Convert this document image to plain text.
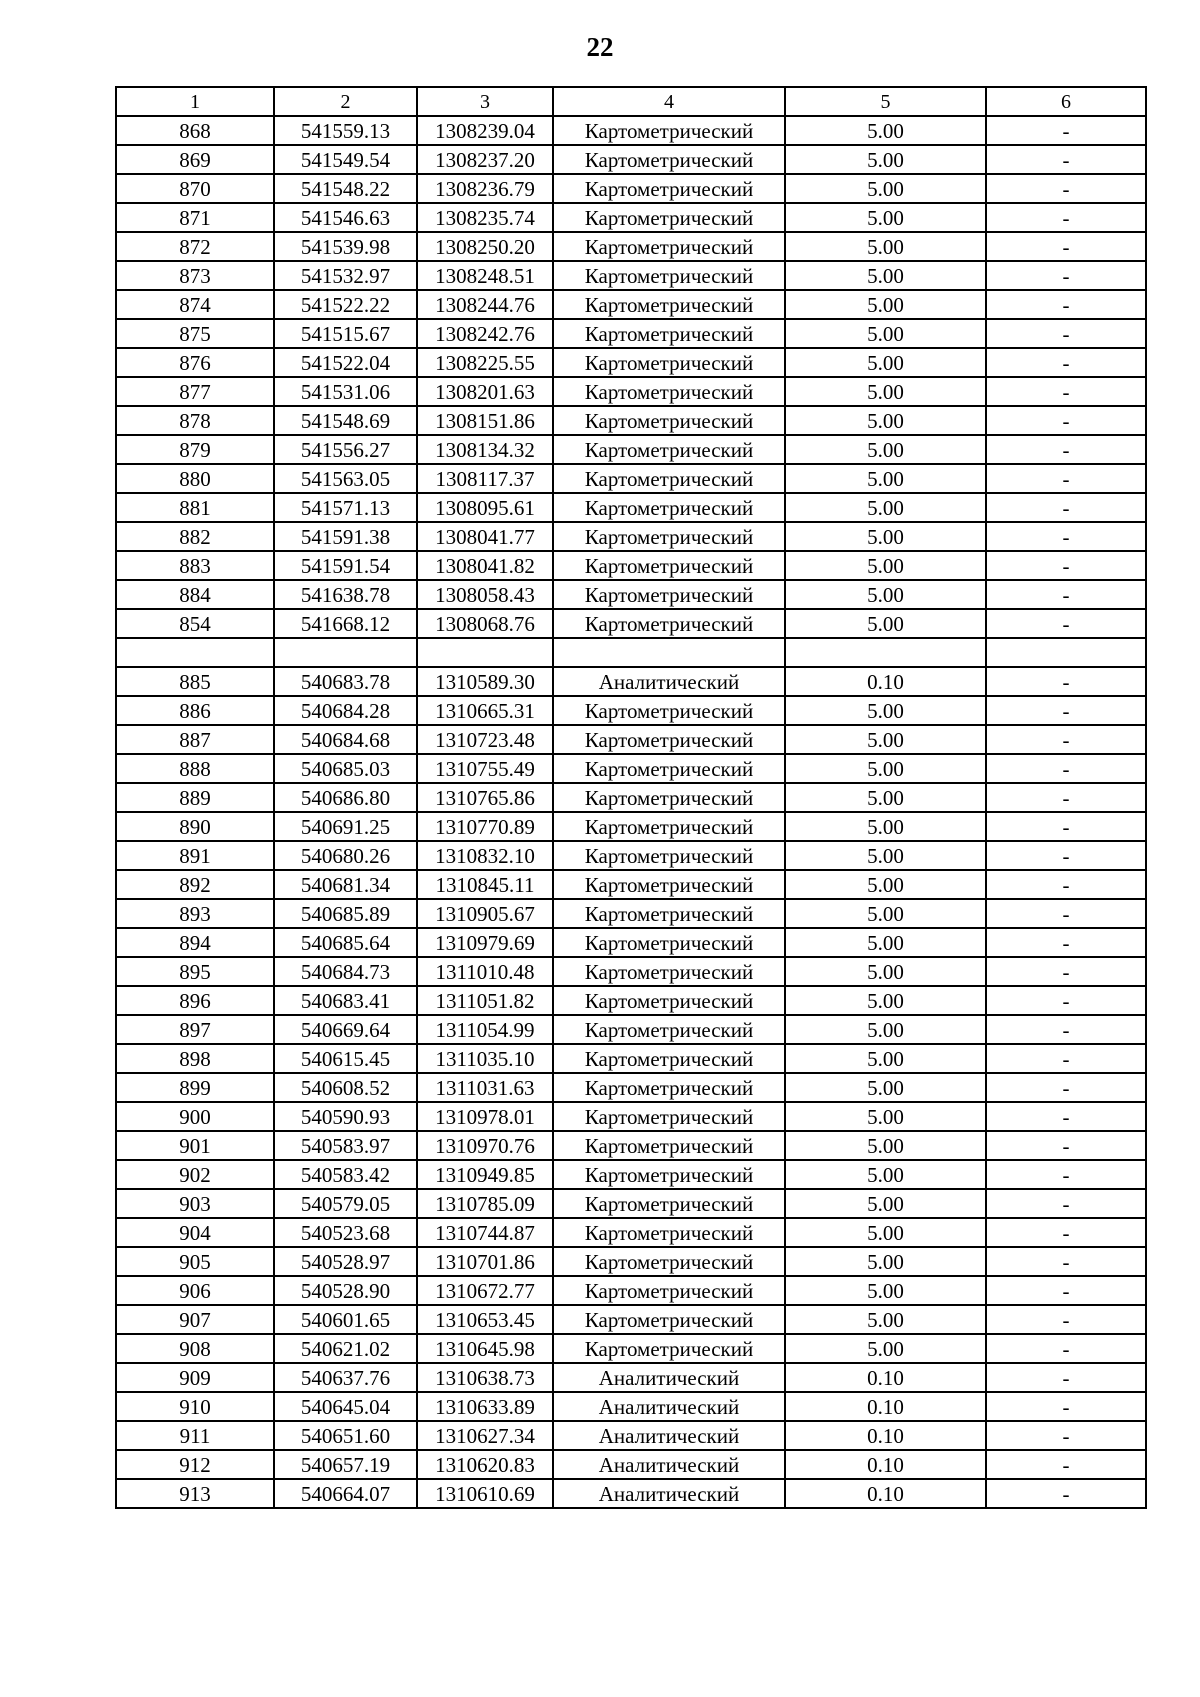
22
1	2	3	4	5	6
868	541559.13	1308239.04	Картометрический	5.00	-
869	541549.54	1308237.20	Картометрический	5.00	-
870	541548.22	1308236.79	Картометрический	5.00	-
871	541546.63	1308235.74	Картометрический	5.00	-
872	541539.98	1308250.20	Картометрический	5.00	-
873	541532.97	1308248.51	Картометрический	5.00	-
874	541522.22	1308244.76	Картометрический	5.00	-
875	541515.67	1308242.76	Картометрический	5.00	-
876	541522.04	1308225.55	Картометрический	5.00	-
877	541531.06	1308201.63	Картометрический	5.00	-
878	541548.69	1308151.86	Картометрический	5.00	-
879	541556.27	1308134.32	Картометрический	5.00	-
880	541563.05	1308117.37	Картометрический	5.00	-
881	541571.13	1308095.61	Картометрический	5.00	-
882	541591.38	1308041.77	Картометрический	5.00	-
883	541591.54	1308041.82	Картометрический	5.00	-
884	541638.78	1308058.43	Картометрический	5.00	-
854	541668.12	1308068.76	Картометрический	5.00	-

885	540683.78	1310589.30	Аналитический	0.10	-
886	540684.28	1310665.31	Картометрический	5.00	-
887	540684.68	1310723.48	Картометрический	5.00	-
888	540685.03	1310755.49	Картометрический	5.00	-
889	540686.80	1310765.86	Картометрический	5.00	-
890	540691.25	1310770.89	Картометрический	5.00	-
891	540680.26	1310832.10	Картометрический	5.00	-
892	540681.34	1310845.11	Картометрический	5.00	-
893	540685.89	1310905.67	Картометрический	5.00	-
894	540685.64	1310979.69	Картометрический	5.00	-
895	540684.73	1311010.48	Картометрический	5.00	-
896	540683.41	1311051.82	Картометрический	5.00	-
897	540669.64	1311054.99	Картометрический	5.00	-
898	540615.45	1311035.10	Картометрический	5.00	-
899	540608.52	1311031.63	Картометрический	5.00	-
900	540590.93	1310978.01	Картометрический	5.00	-
901	540583.97	1310970.76	Картометрический	5.00	-
902	540583.42	1310949.85	Картометрический	5.00	-
903	540579.05	1310785.09	Картометрический	5.00	-
904	540523.68	1310744.87	Картометрический	5.00	-
905	540528.97	1310701.86	Картометрический	5.00	-
906	540528.90	1310672.77	Картометрический	5.00	-
907	540601.65	1310653.45	Картометрический	5.00	-
908	540621.02	1310645.98	Картометрический	5.00	-
909	540637.76	1310638.73	Аналитический	0.10	-
910	540645.04	1310633.89	Аналитический	0.10	-
911	540651.60	1310627.34	Аналитический	0.10	-
912	540657.19	1310620.83	Аналитический	0.10	-
913	540664.07	1310610.69	Аналитический	0.10	-
